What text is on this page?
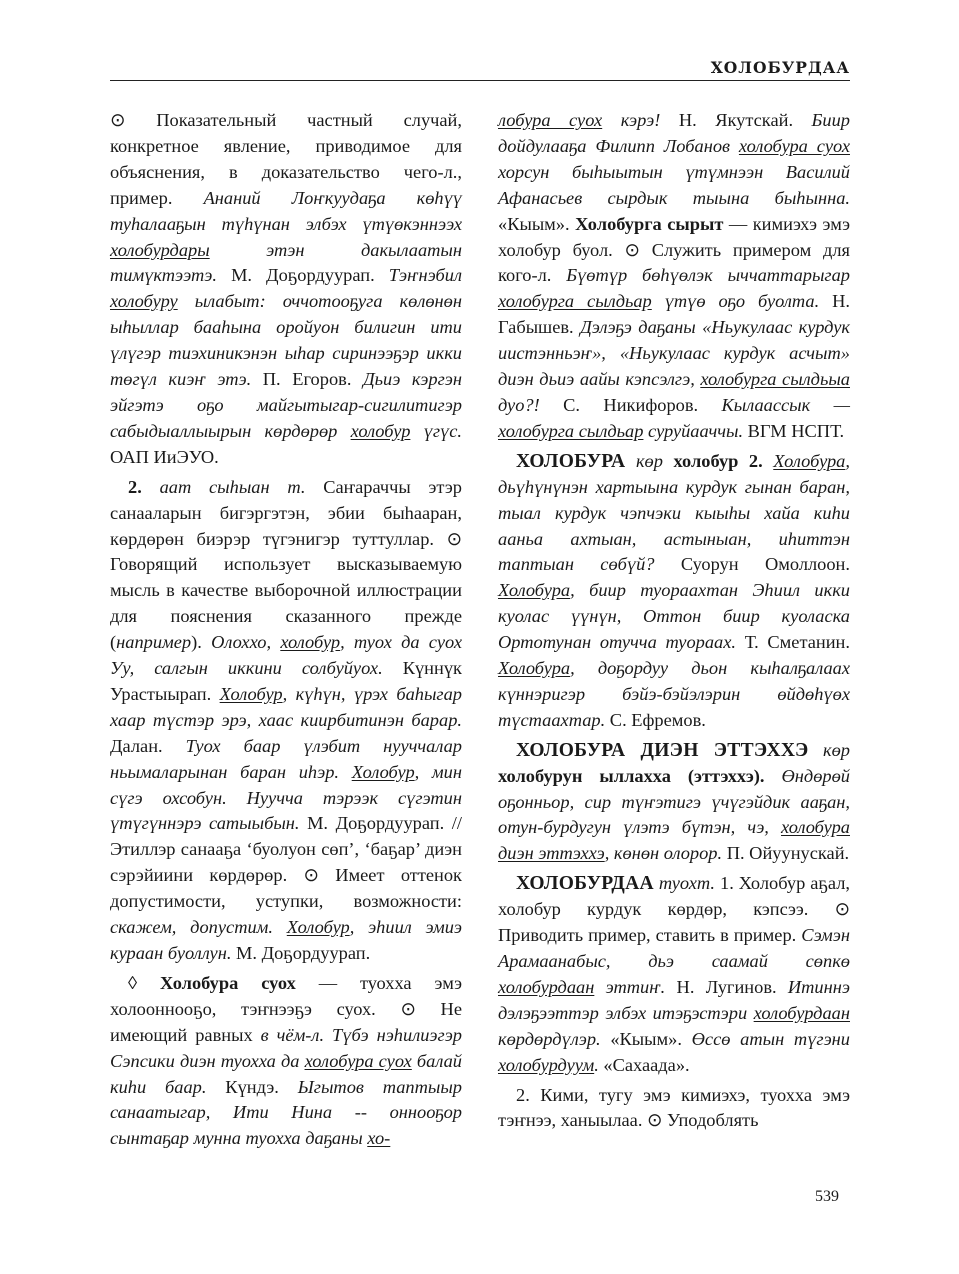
ХОЛОБУРДАА

⊙ Показательный частный случай, конкретное явление, приводимое для объяснения, в доказательство чего-л., пример. Ананий Лоҥкуудаҕа көһүү туһалааҕын түһүнан элбэх үтүөкэннээх холобурдары этэн дакылаатын тимүктээтэ. М. Доҕордуурап. Тэҥнэбил холобуру ылабыт: оччотооҕуга көлөнөн ыһыллар бааһына оройуон билигин ити үлүгэр тиэхиникэнэн ыһар сиринээҕэр икки төгүл киэҥ этэ. П. Егоров. Дьиэ кэргэн эйгэтэ оҕо майгытыгар-сигилитигэр сабыдыаллыырын көрдөрөр холобур үгүс. ОАП ИиЭУО.

2. аат сыһыан т. Саҥараччы этэр санааларын бигэргэтэн, эбии быһааран, көрдөрөн биэрэр түгэнигэр туттуллар. ⊙ Говорящий использует высказываемую мысль в качестве выборочной иллюстрации для пояснения сказанного прежде (например). Олоххо, холобур, туох да суох Уу, салгын иккини солбуйуох. Күннүк Урастыырап. Холобур, күһүн, үрэх баһыгар хаар түстэр эрэ, хаас киирбитинэн барар. Далан. Туох баар үлэбит нууччалар ньымаларынан баран иһэр. Холобур, мин сүгэ охсобун. Нууччa тэрээк сүгэтин үтүгүннэрэ сатыыбын. М. Доҕордуурап. // Этиллэр санааҕа ‘буолуон сөп’, ‘баҕар’ диэн сэрэйиини көрдөрөр. ⊙ Имеет оттенок допустимости, уступки, возможности: скажем, допустим. Холобур, эһиил эмиэ кураан буоллун. М. Доҕордуурап.

◊ Холобура суох — туохха эмэ холооннооҕо, тэҥнээҕэ суох. ⊙ Не имеющий равных в чём-л. Түбэ нэһилиэгэр Сэпсики диэн туохха да холобура суох балай киһи баар. Күндэ. Ыгытов таптыыр санаатыгар, Ити Нина -- оннооҕор сынтаҕар мунна туохха даҕаны хо-

лобура суох кэрэ! Н. Якутскай. Биир дойдулааҕа Филипп Лобанов холобура суох хорсун быһыытын үтүмнээн Василий Афанасьев сырдык тыына быһынна. «Кыым». Холобурга сырыт — кимиэхэ эмэ холобур буол. ⊙ Служить примером для кого-л. Бүөтүр бөһүөлэк ыччаттарыгар холобурга сылдьар үтүө оҕо буолта. Н. Габышев. Дэлэҕэ даҕаны «Ньукулаас курдук иистэнньэҥ», «Ньукулаас курдук асчыт» диэн дьиэ аайы кэпсэлгэ, холобурга сылдьыа дуо?! С. Никифоров. Кылаассык — холобурга сылдьар суруйааччы. ВГМ НСПТ.

ХОЛОБУРА көр холобур 2. Холобура, дьүһүнүнэн хартыына курдук гынан баран, тыал курдук чэпчэки кыыһы хайа киһи ааньа ахтыан, астыныан, иһиттэн таптыан сөбүй? Суорун Омоллоон. Холобура, биир туораахтан Эһиил икки куолас үүнүн, Оттон биир куоласка Ортотунан отучча туораах. Т. Сметанин. Холобура, доҕордуу дьон кыһалҕалаах күннэригэр бэйэ-бэйэлэрин өйдөһүөх түстаахтар. С. Ефремов.

ХОЛОБУРА ДИЭН ЭТТЭХХЭ көр холобурун ыллахха (эттэххэ). Өндөрөй оҕонньор, сир түҥэтигэ үчүгэйдик ааҕан, отун-бурдугун үлэтэ бүтэн, чэ, холобура диэн эттэххэ, көнөн олорор. П. Ойуунускай.

ХОЛОБУРДАА туохт. 1. Холобур аҕал, холобур курдук көрдөр, кэпсээ. ⊙ Приводить пример, ставить в пример. Сэмэн Арамаанабыс, дьэ саамай сөпкө холобурдаан эттиҥ. Н. Лугинов. Итиннэ дэлэҕээттэр элбэх итэҕэстэри холобурдаан көрдөрдүлэр. «Кыым». Өссө атын түгэни холобурдуум. «Сахаада».

2. Кими, тугу эмэ кимиэхэ, туохха эмэ тэҥнээ, ханыылаа. ⊙ Уподоблять

539
